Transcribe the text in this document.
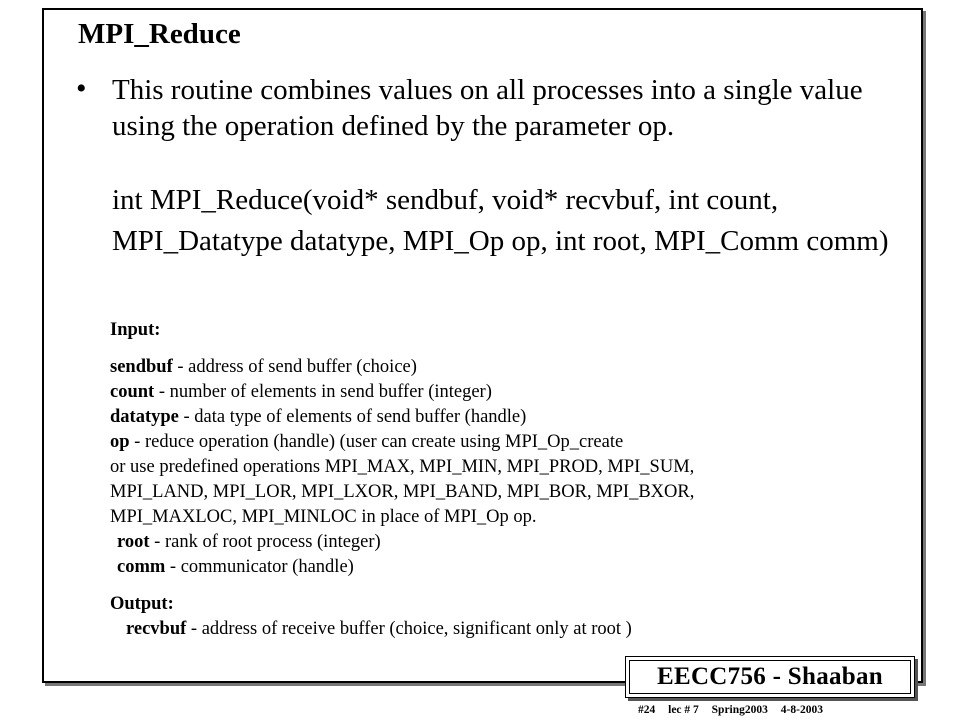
MPI_Reduce
• This routine combines values on all processes into a single value using the operation defined by the parameter op.
int MPI_Reduce(void* sendbuf, void* recvbuf, int count, MPI_Datatype datatype, MPI_Op op, int root, MPI_Comm comm)
Input:
sendbuf - address of send buffer (choice)
count - number of elements in send buffer (integer)
datatype - data type of elements of send buffer (handle)
op - reduce operation (handle) (user can create using MPI_Op_create
or use predefined operations MPI_MAX, MPI_MIN, MPI_PROD, MPI_SUM,
MPI_LAND, MPI_LOR, MPI_LXOR, MPI_BAND, MPI_BOR, MPI_BXOR,
MPI_MAXLOC, MPI_MINLOC in place of MPI_Op op.
root - rank of root process (integer)
comm - communicator (handle)
Output:
recvbuf - address of receive buffer (choice, significant only at root )
EECC756 - Shaaban
#24 lec # 7 Spring2003 4-8-2003
